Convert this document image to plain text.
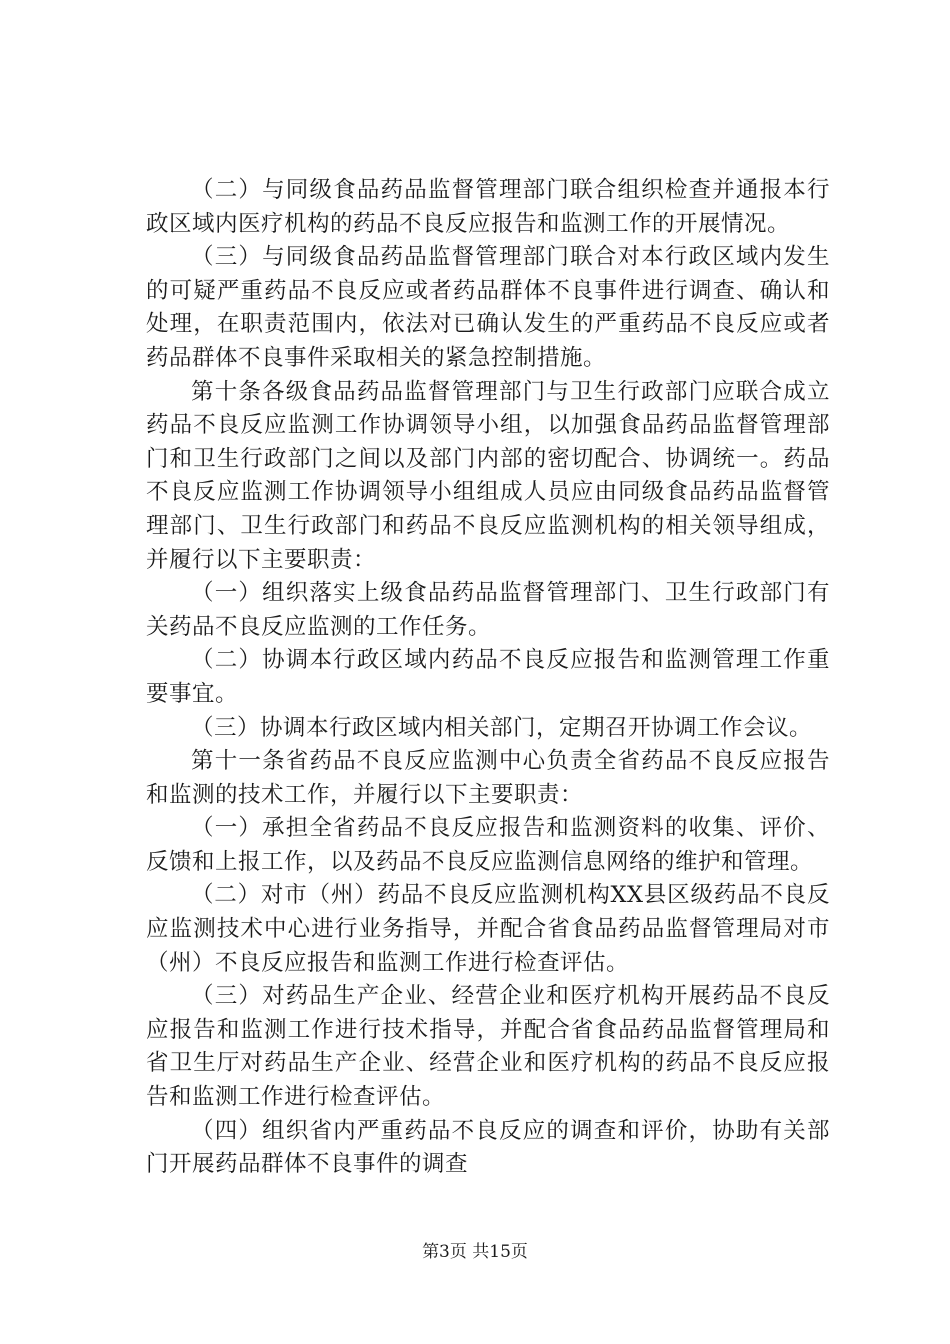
（二）与同级食品药品监督管理部门联合组织检查并通报本行政区域内医疗机构的药品不良反应报告和监测工作的开展情况。

（三）与同级食品药品监督管理部门联合对本行政区域内发生的可疑严重药品不良反应或者药品群体不良事件进行调查、确认和处理，在职责范围内，依法对已确认发生的严重药品不良反应或者药品群体不良事件采取相关的紧急控制措施。

第十条各级食品药品监督管理部门与卫生行政部门应联合成立药品不良反应监测工作协调领导小组，以加强食品药品监督管理部门和卫生行政部门之间以及部门内部的密切配合、协调统一。药品不良反应监测工作协调领导小组组成人员应由同级食品药品监督管理部门、卫生行政部门和药品不良反应监测机构的相关领导组成，并履行以下主要职责：

（一）组织落实上级食品药品监督管理部门、卫生行政部门有关药品不良反应监测的工作任务。

（二）协调本行政区域内药品不良反应报告和监测管理工作重要事宜。

（三）协调本行政区域内相关部门，定期召开协调工作会议。

第十一条省药品不良反应监测中心负责全省药品不良反应报告和监测的技术工作，并履行以下主要职责：

（一）承担全省药品不良反应报告和监测资料的收集、评价、反馈和上报工作，以及药品不良反应监测信息网络的维护和管理。

（二）对市（州）药品不良反应监测机构XX县区级药品不良反应监测技术中心进行业务指导，并配合省食品药品监督管理局对市（州）不良反应报告和监测工作进行检查评估。

（三）对药品生产企业、经营企业和医疗机构开展药品不良反应报告和监测工作进行技术指导，并配合省食品药品监督管理局和省卫生厅对药品生产企业、经营企业和医疗机构的药品不良反应报告和监测工作进行检查评估。

（四）组织省内严重药品不良反应的调查和评价，协助有关部门开展药品群体不良事件的调查

第3页 共15页
